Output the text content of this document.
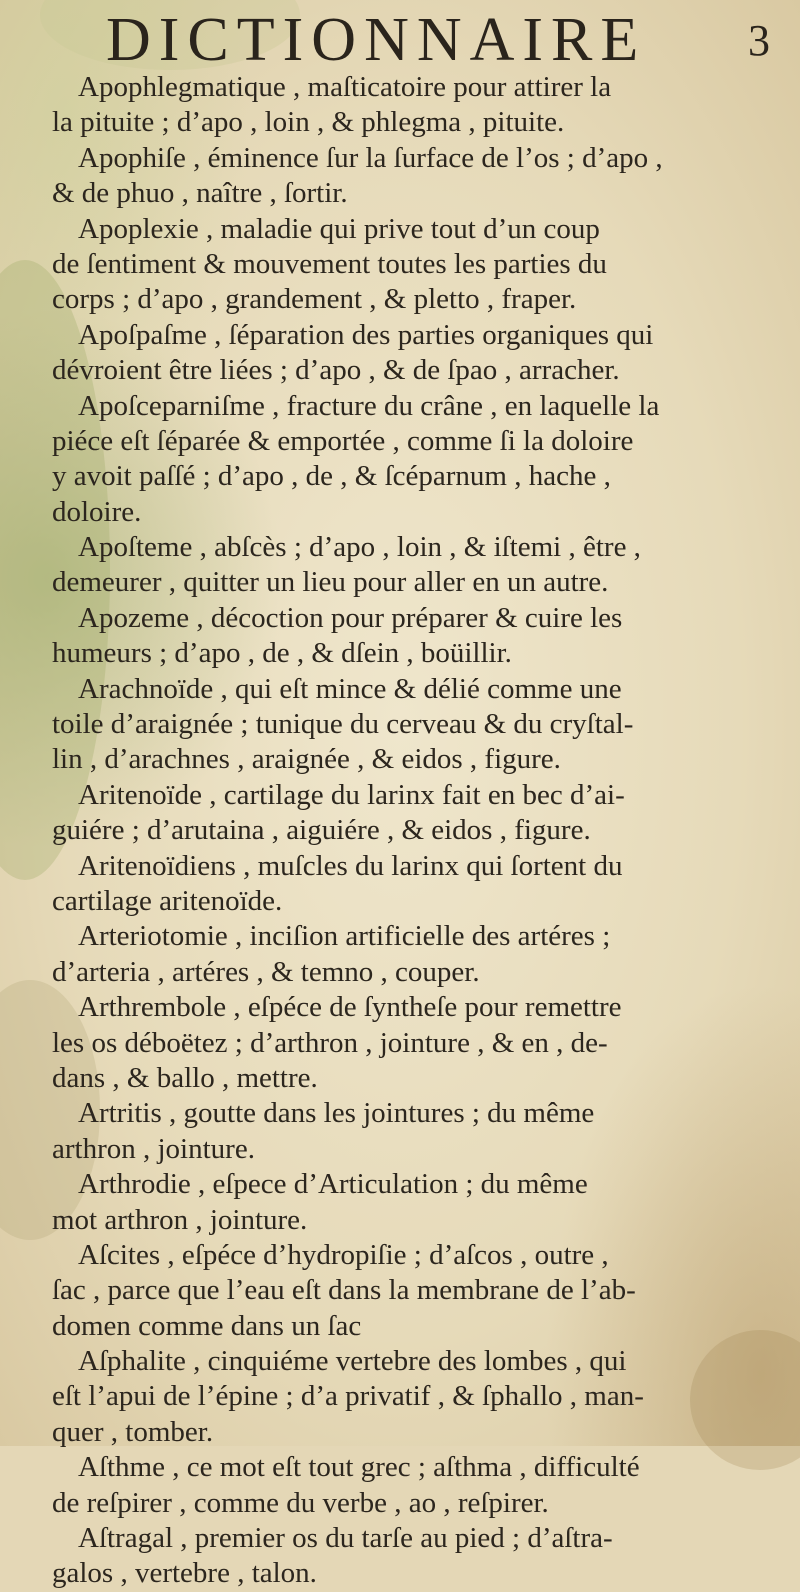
DICTIONNAIRE 3
Apophlegmatique , maſticatoire pour attirer la
la pituite ; d’apo , loin , & phlegma , pituite.
Apophiſe , éminence ſur la ſurface de l’os ; d’apo ,
& de phuo , naître , ſortir.
Apoplexie , maladie qui prive tout d’un coup
de ſentiment & mouvement toutes les parties du
corps ; d’apo , grandement , & pletto , fraper.
Apoſpaſme , ſéparation des parties organiques qui
dévroient être liées ; d’apo , & de ſpao , arracher.
Apoſceparniſme , fracture du crâne , en laquelle la
piéce eſt ſéparée & emportée , comme ſi la doloire
y avoit paſſé ; d’apo , de , & ſcéparnum , hache ,
doloire.
Apoſteme , abſcès ; d’apo , loin , & iſtemi , être ,
demeurer , quitter un lieu pour aller en un autre.
Apozeme , décoction pour préparer & cuire les
humeurs ; d’apo , de , & dſein , boüillir.
Arachnoïde , qui eſt mince & délié comme une
toile d’araignée ; tunique du cerveau & du cryſtal-
lin , d’arachnes , araignée , & eidos , figure.
Aritenoïde , cartilage du larinx fait en bec d’ai-
guiére ; d’arutaina , aiguiére , & eidos , figure.
Aritenoïdiens , muſcles du larinx qui ſortent du
cartilage aritenoïde.
Arteriotomie , inciſion artificielle des artéres ;
d’arteria , artéres , & temno , couper.
Arthrembole , eſpéce de ſyntheſe pour remettre
les os déboëtez ; d’arthron , jointure , & en , de-
dans , & ballo , mettre.
Artritis , goutte dans les jointures ; du même
arthron , jointure.
Arthrodie , eſpece d’Articulation ; du même
mot arthron , jointure.
Aſcites , eſpéce d’hydropiſie ; d’aſcos , outre ,
ſac , parce que l’eau eſt dans la membrane de l’ab-
domen comme dans un ſac
Aſphalite , cinquiéme vertebre des lombes , qui
eſt l’apui de l’épine ; d’a privatif , & ſphallo , man-
quer , tomber.
Aſthme , ce mot eſt tout grec ; aſthma , difficulté
de reſpirer , comme du verbe , ao , reſpirer.
Aſtragal , premier os du tarſe au pied ; d’aſtra-
galos , vertebre , talon.
